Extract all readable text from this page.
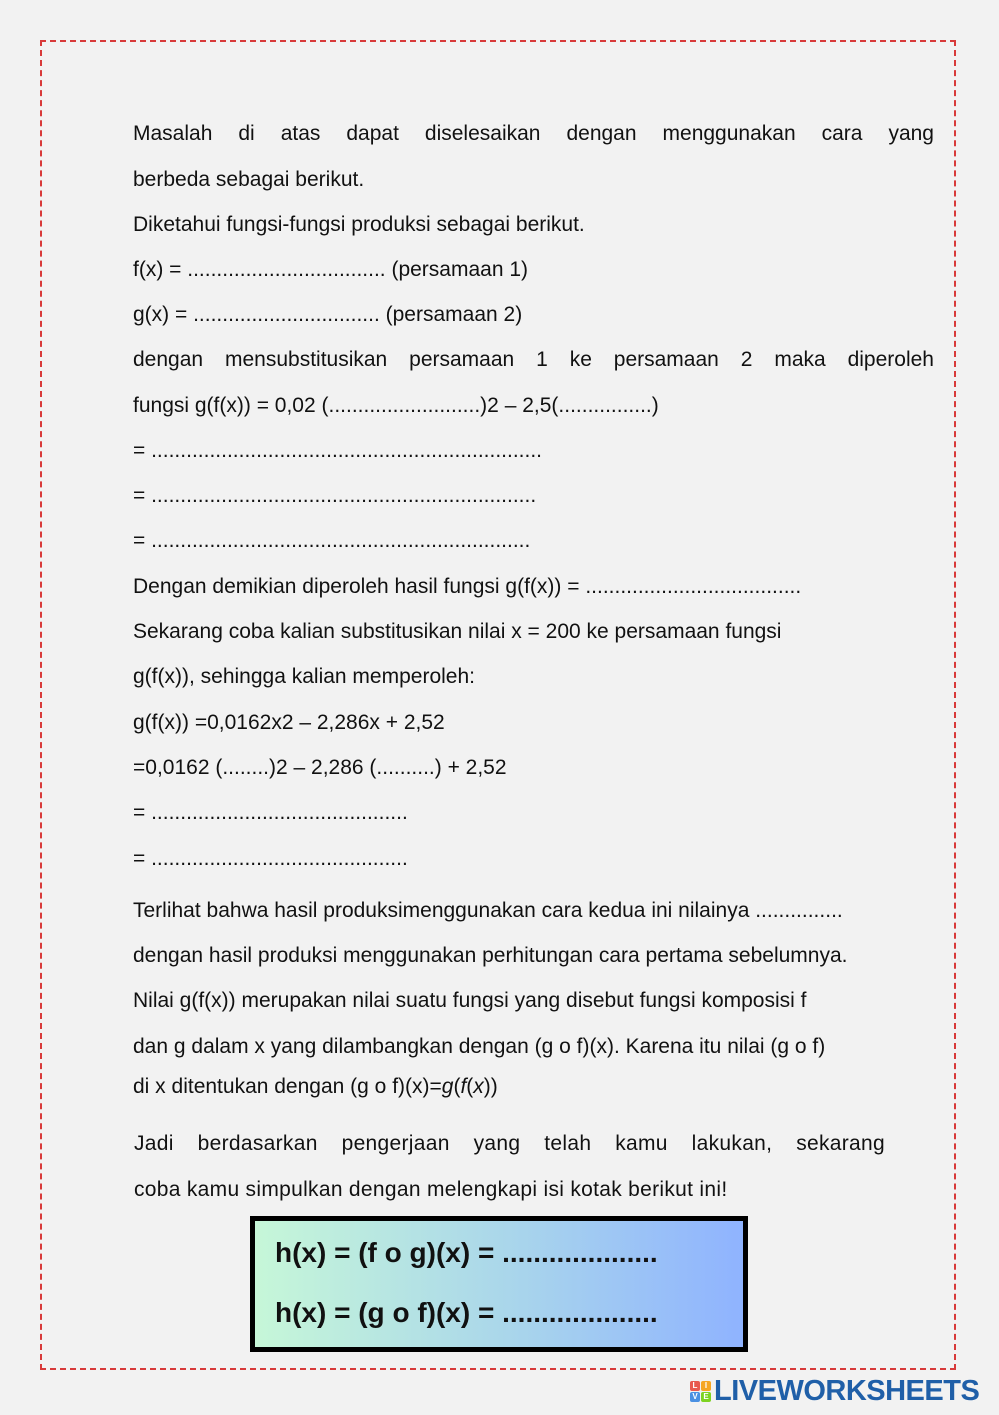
Masalah di atas dapat diselesaikan dengan menggunakan cara yang
berbeda sebagai berikut.
Diketahui fungsi-fungsi produksi sebagai berikut.
f(x) = .................................. (persamaan 1)
g(x) = ................................ (persamaan 2)
dengan mensubstitusikan persamaan 1 ke persamaan 2 maka diperoleh
fungsi g(f(x)) = 0,02 (..........................)2 – 2,5(................)
= ...................................................................
= ..................................................................
= .................................................................
Dengan demikian diperoleh hasil fungsi g(f(x)) = .....................................
Sekarang coba kalian substitusikan nilai x = 200 ke persamaan fungsi
g(f(x)), sehingga kalian memperoleh:
g(f(x)) =0,0162x2 – 2,286x + 2,52
=0,0162 (........)2 – 2,286 (..........) + 2,52
= ............................................
= ............................................
Terlihat bahwa hasil produksimenggunakan cara kedua ini nilainya ...............
dengan hasil produksi menggunakan perhitungan cara pertama sebelumnya.
Nilai g(f(x)) merupakan nilai suatu fungsi yang disebut fungsi komposisi f
dan g dalam x yang dilambangkan dengan (g o f)(x). Karena itu nilai (g o f)
di x ditentukan dengan (g o f)(x)=g(f(x))
Jadi berdasarkan pengerjaan yang telah kamu lakukan, sekarang
coba kamu simpulkan dengan melengkapi isi kotak berikut ini!
h(x) = (f o g)(x) = ....................
h(x) = (g o f)(x) = ....................
L I
V E LIVEWORKSHEETS
